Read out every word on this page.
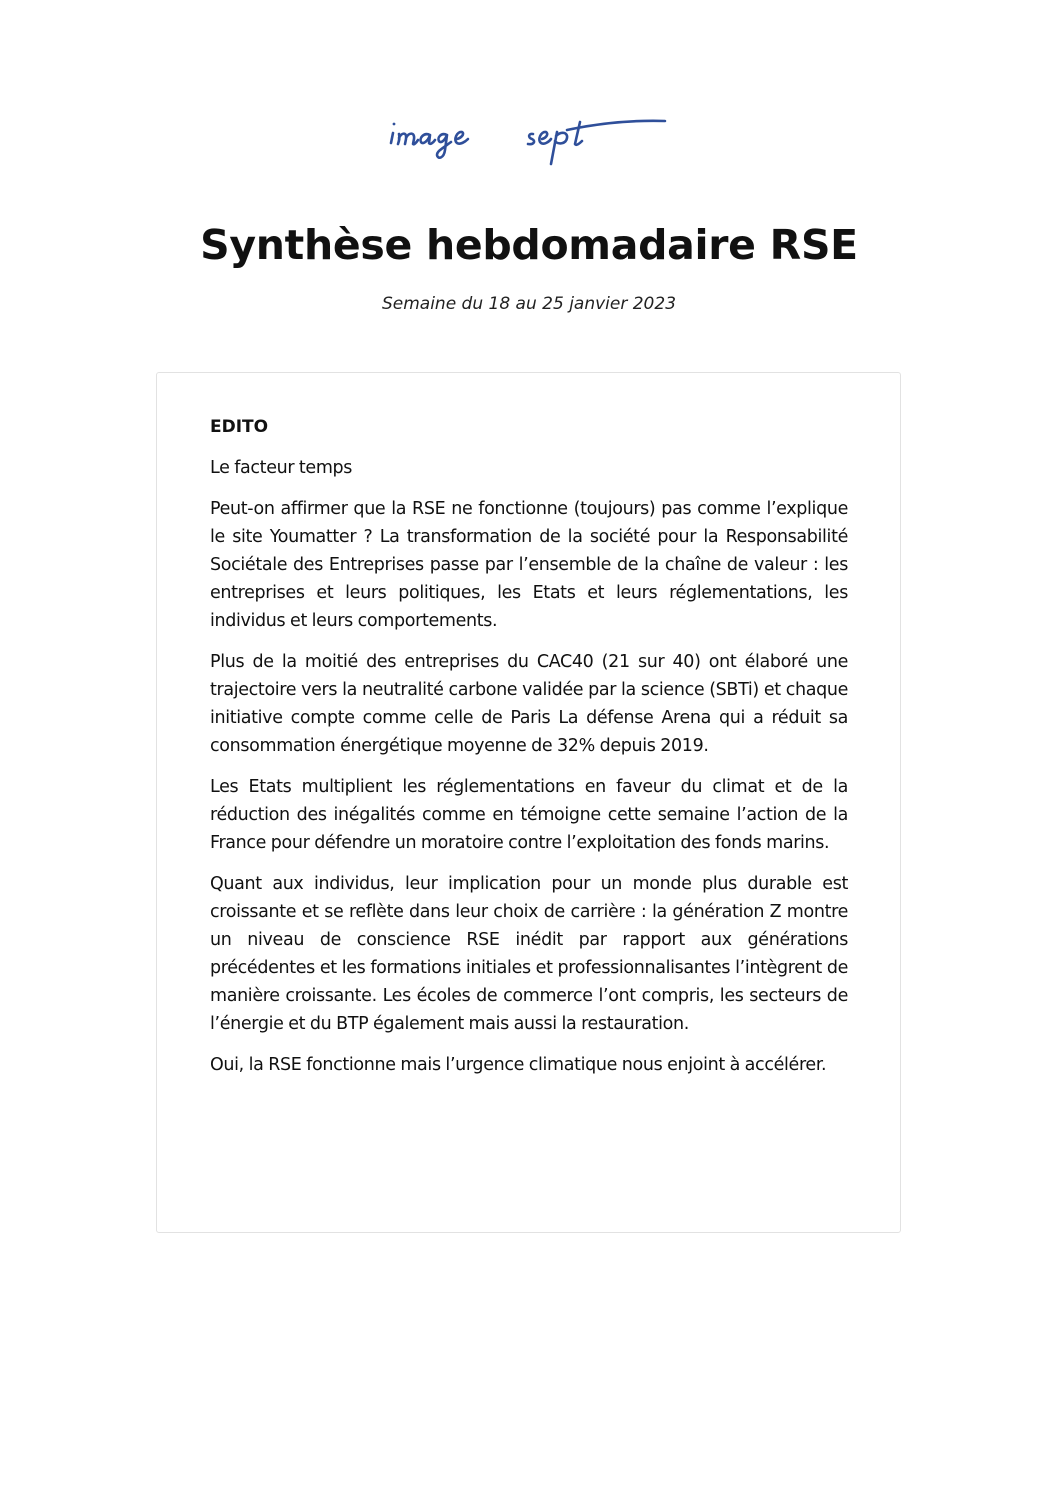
Synthèse hebdomadaire RSE
Semaine du 18 au 25 janvier 2023
EDITO

Le facteur temps

Peut-on affirmer que la RSE ne fonctionne (toujours) pas comme l’explique le site Youmatter ? La transformation de la société pour la Responsabilité Sociétale des Entreprises passe par l’ensemble de la chaîne de valeur : les entreprises et leurs politiques, les Etats et leurs réglementations, les individus et leurs comportements.

Plus de la moitié des entreprises du CAC40 (21 sur 40) ont élaboré une trajectoire vers la neutralité carbone validée par la science (SBTi) et chaque initiative compte comme celle de Paris La défense Arena qui a réduit sa consommation énergétique moyenne de 32% depuis 2019.

Les Etats multiplient les réglementations en faveur du climat et de la réduction des inégalités comme en témoigne cette semaine l’action de la France pour défendre un moratoire contre l’exploitation des fonds marins.

Quant aux individus, leur implication pour un monde plus durable est croissante et se reflète dans leur choix de carrière : la génération Z montre un niveau de conscience RSE inédit par rapport aux générations précédentes et les formations initiales et professionnalisantes l’intègrent de manière croissante. Les écoles de commerce l’ont compris, les secteurs de l’énergie et du BTP également mais aussi la restauration.

Oui, la RSE fonctionne mais l’urgence climatique nous enjoint à accélérer.
